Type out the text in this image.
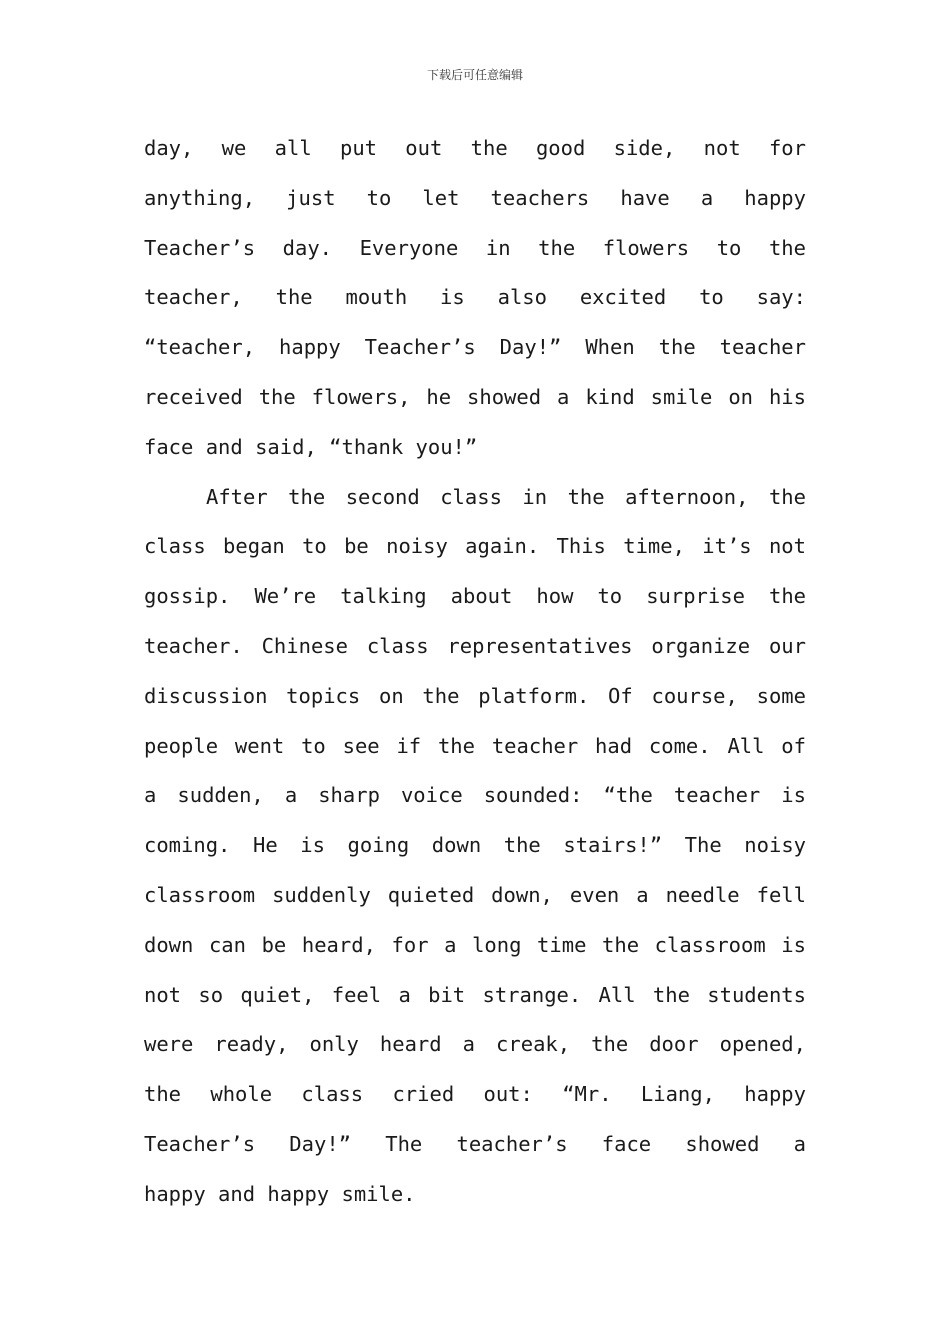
下载后可任意编辑

day, we all put out the good side, not for
anything, just to let teachers have a happy
Teacher’s day. Everyone in the flowers to the
teacher, the mouth is also excited to say:
“teacher, happy Teacher’s Day!” When the teacher
received the flowers, he showed a kind smile on his
face and said, “thank you!”
After the second class in the afternoon, the
class began to be noisy again. This time, it’s not
gossip. We’re talking about how to surprise the
teacher. Chinese class representatives organize our
discussion topics on the platform. Of course, some
people went to see if the teacher had come. All of
a sudden, a sharp voice sounded: “the teacher is
coming. He is going down the stairs!” The noisy
classroom suddenly quieted down, even a needle fell
down can be heard, for a long time the classroom is
not so quiet, feel a bit strange. All the students
were ready, only heard a creak, the door opened,
the whole class cried out: “Mr. Liang, happy
Teacher’s Day!” The teacher’s face showed a
happy and happy smile.
